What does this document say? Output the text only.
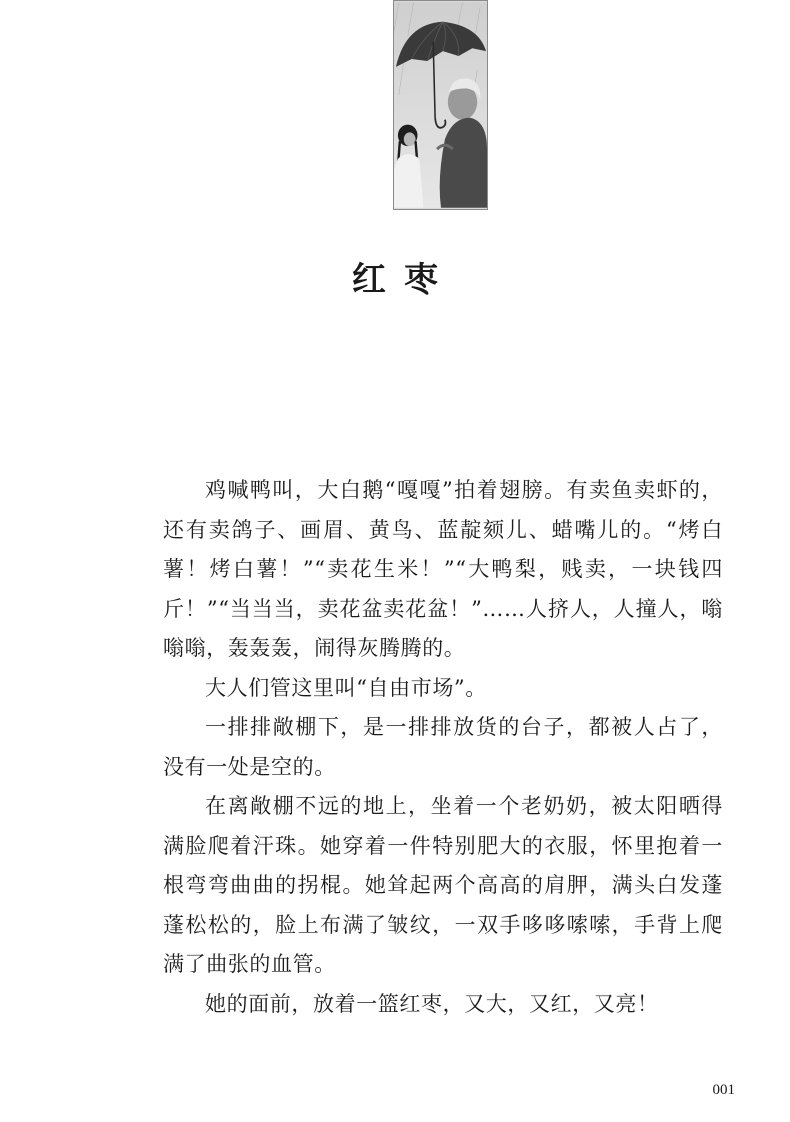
红枣

鸡喊鸭叫，大白鹅“嘎嘎”拍着翅膀。有卖鱼卖虾的，还有卖鸽子、画眉、黄鸟、蓝靛颏儿、蜡嘴儿的。“烤白薯！烤白薯！”“卖花生米！”“大鸭梨，贱卖，一块钱四斤！”“当当当，卖花盆卖花盆！”……人挤人，人撞人，嗡嗡嗡，轰轰轰，闹得灰腾腾的。

大人们管这里叫“自由市场”。

一排排敞棚下，是一排排放货的台子，都被人占了，没有一处是空的。

在离敞棚不远的地上，坐着一个老奶奶，被太阳晒得满脸爬着汗珠。她穿着一件特别肥大的衣服，怀里抱着一根弯弯曲曲的拐棍。她耸起两个高高的肩胛，满头白发蓬蓬松松的，脸上布满了皱纹，一双手哆哆嗦嗦，手背上爬满了曲张的血管。

她的面前，放着一篮红枣，又大，又红，又亮！

001
